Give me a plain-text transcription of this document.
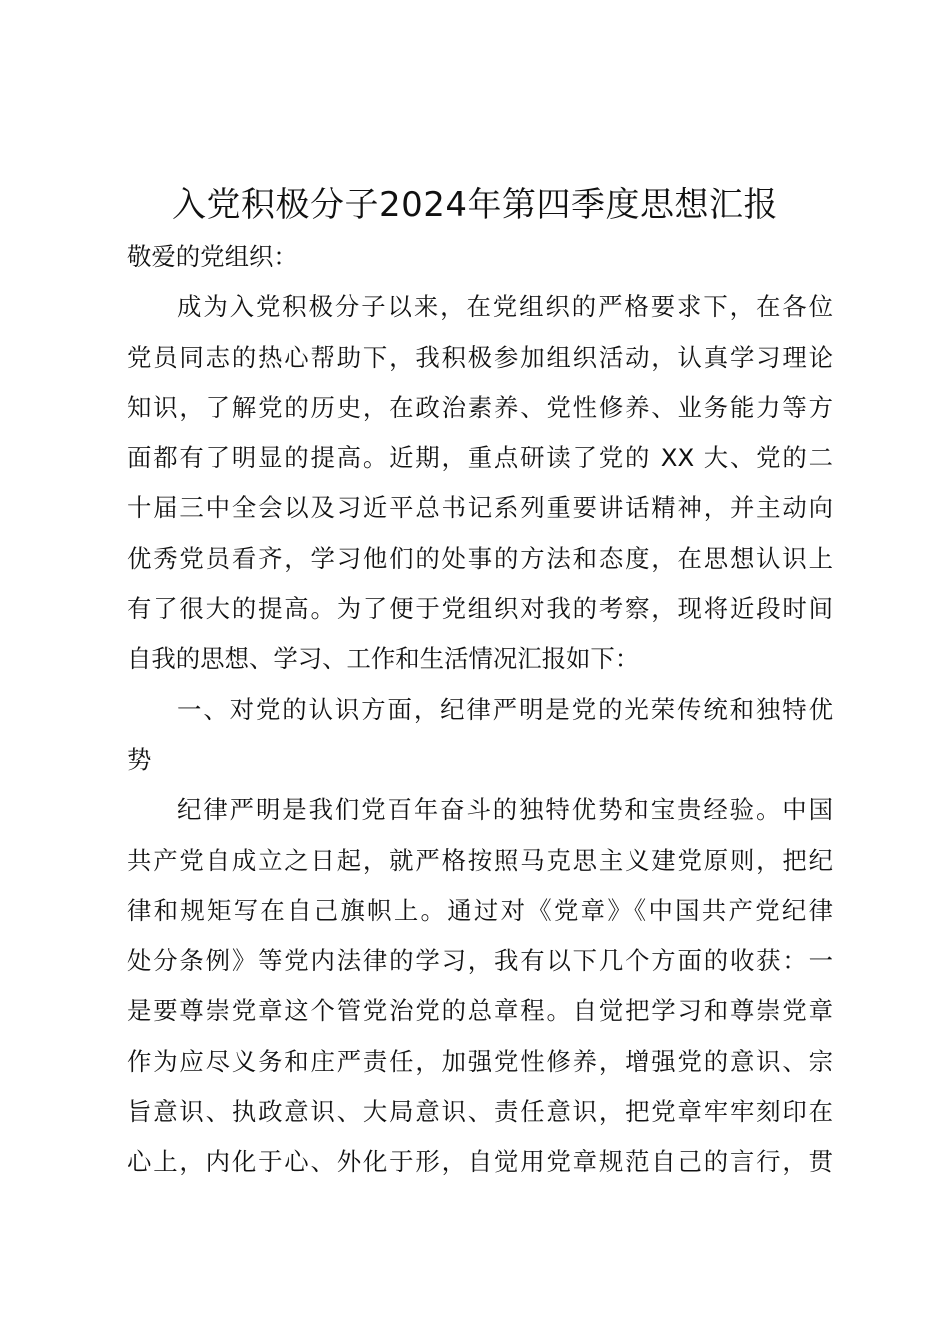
入党积极分子2024年第四季度思想汇报
敬爱的党组织：
成为入党积极分子以来，在党组织的严格要求下，在各位
党员同志的热心帮助下，我积极参加组织活动，认真学习理论
知识，了解党的历史，在政治素养、党性修养、业务能力等方
面都有了明显的提高。近期，重点研读了党的 XX 大、党的二
十届三中全会以及习近平总书记系列重要讲话精神，并主动向
优秀党员看齐，学习他们的处事的方法和态度，在思想认识上
有了很大的提高。为了便于党组织对我的考察，现将近段时间
自我的思想、学习、工作和生活情况汇报如下：
一、对党的认识方面，纪律严明是党的光荣传统和独特优
势
纪律严明是我们党百年奋斗的独特优势和宝贵经验。中国
共产党自成立之日起，就严格按照马克思主义建党原则，把纪
律和规矩写在自己旗帜上。通过对《党章》《中国共产党纪律
处分条例》等党内法律的学习，我有以下几个方面的收获：一
是要尊崇党章这个管党治党的总章程。自觉把学习和尊崇党章
作为应尽义务和庄严责任，加强党性修养，增强党的意识、宗
旨意识、执政意识、大局意识、责任意识，把党章牢牢刻印在
心上，内化于心、外化于形，自觉用党章规范自己的言行，贯
